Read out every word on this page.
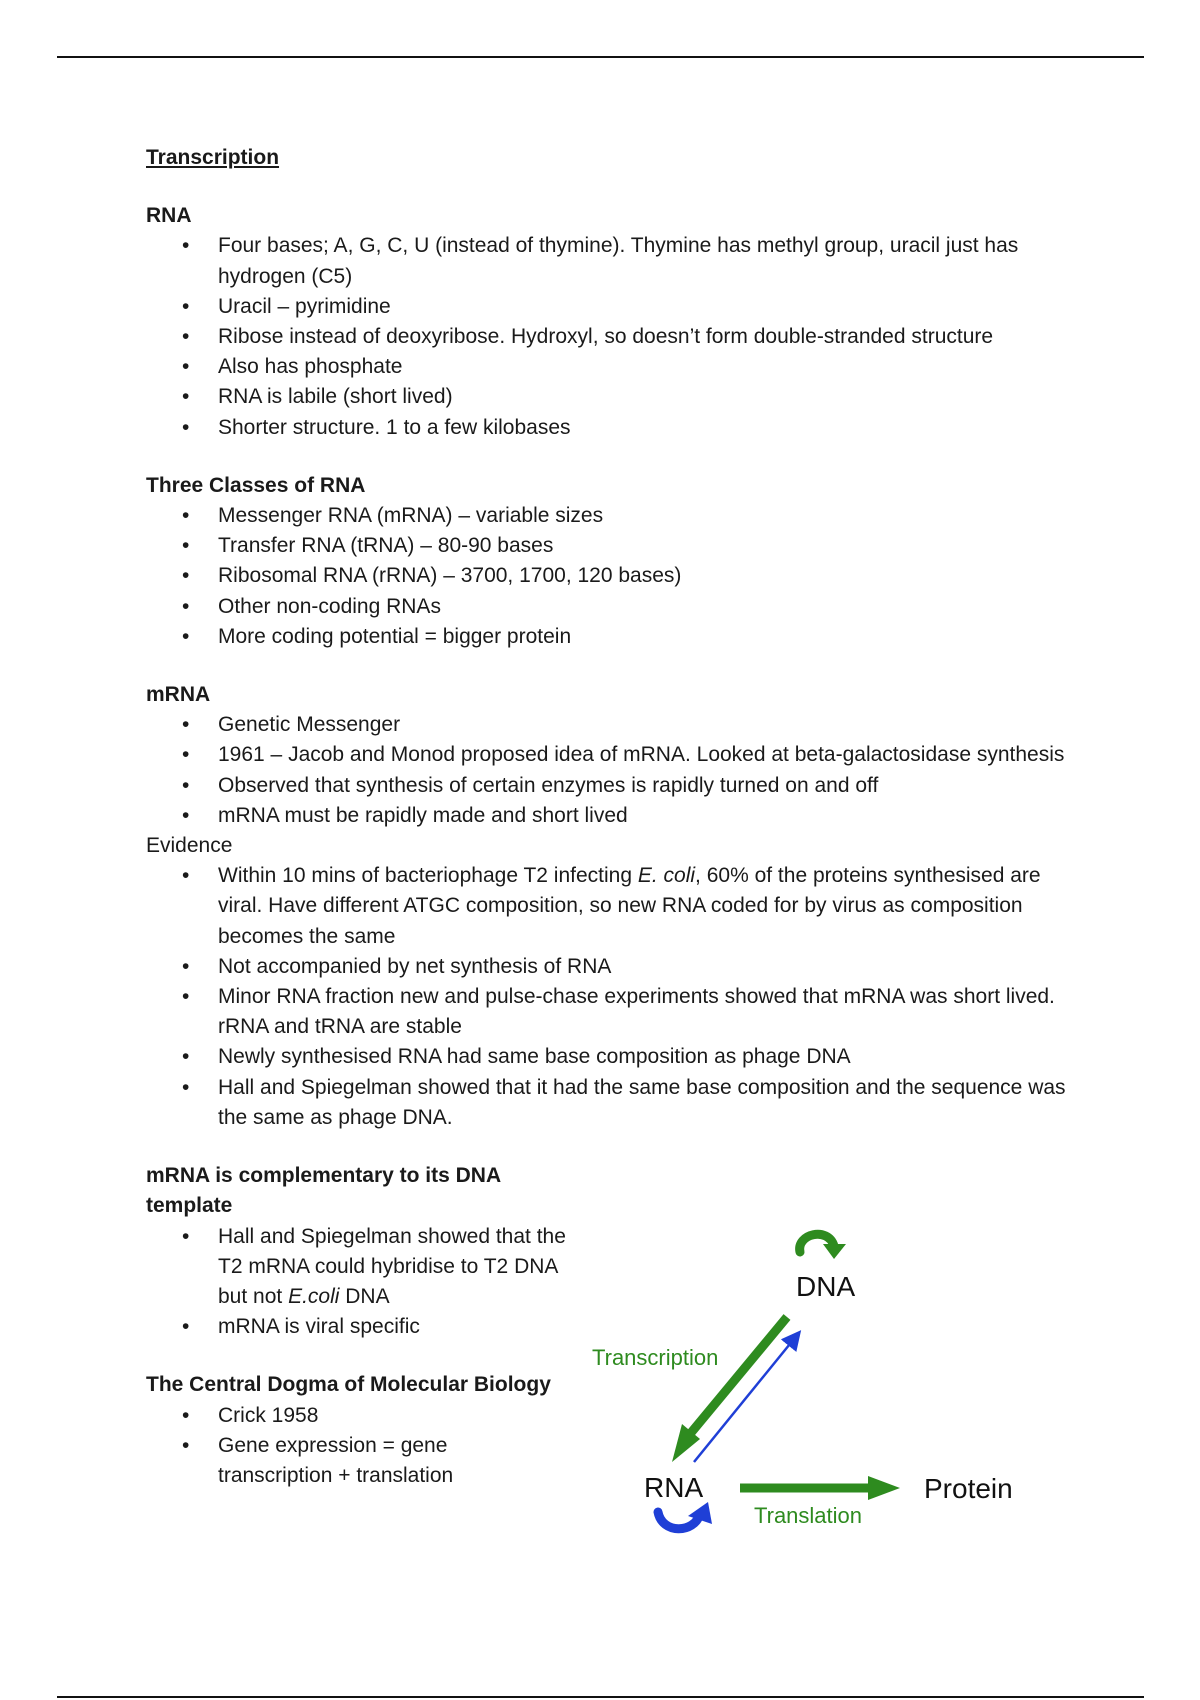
Transcription

RNA

• Four bases; A, G, C, U (instead of thymine). Thymine has methyl group, uracil just has hydrogen (C5)
• Uracil – pyrimidine
• Ribose instead of deoxyribose. Hydroxyl, so doesn’t form double-stranded structure
• Also has phosphate
• RNA is labile (short lived)
• Shorter structure. 1 to a few kilobases

Three Classes of RNA

• Messenger RNA (mRNA) – variable sizes
• Transfer RNA (tRNA) – 80-90 bases
• Ribosomal RNA (rRNA) – 3700, 1700, 120 bases)
• Other non-coding RNAs
• More coding potential = bigger protein

mRNA

• Genetic Messenger
• 1961 – Jacob and Monod proposed idea of mRNA. Looked at beta-galactosidase synthesis
• Observed that synthesis of certain enzymes is rapidly turned on and off
• mRNA must be rapidly made and short lived

Evidence

• Within 10 mins of bacteriophage T2 infecting E. coli, 60% of the proteins synthesised are viral. Have different ATGC composition, so new RNA coded for by virus as composition becomes the same
• Not accompanied by net synthesis of RNA
• Minor RNA fraction new and pulse-chase experiments showed that mRNA was short lived. rRNA and tRNA are stable
• Newly synthesised RNA had same base composition as phage DNA
• Hall and Spiegelman showed that it had the same base composition and the sequence was the same as phage DNA.

mRNA is complementary to its DNA template

• Hall and Spiegelman showed that the T2 mRNA could hybridise to T2 DNA but not E.coli DNA
• mRNA is viral specific

The Central Dogma of Molecular Biology

• Crick 1958
• Gene expression = gene transcription + translation
DNA
Transcription
RNA
Translation
Protein
